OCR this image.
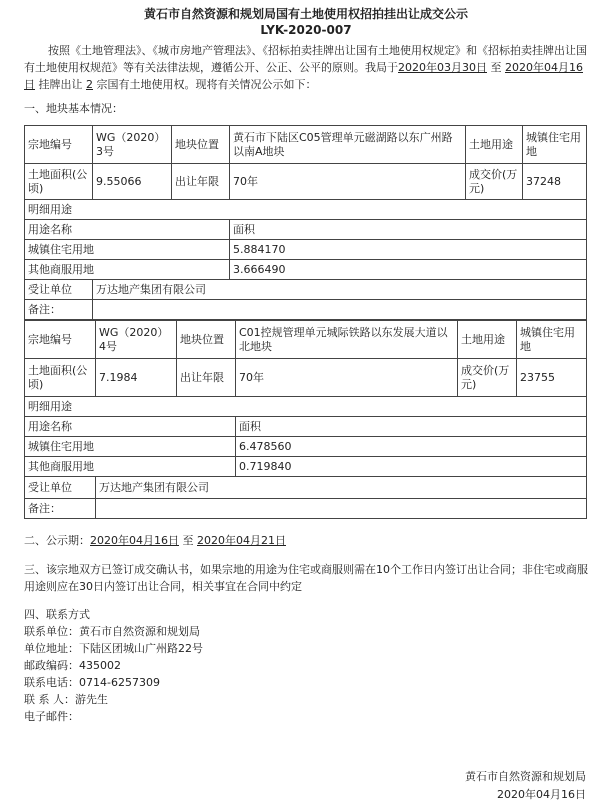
黄石市自然资源和规划局国有土地使用权招拍挂出让成交公示
LYK-2020-007
按照《土地管理法》、《城市房地产管理法》、《招标拍卖挂牌出让国有土地使用权规定》和《招标拍卖挂牌出让国有土地使用权规范》等有关法律法规，遵循公开、公正、公平的原则。我局于2020年03月30日 至 2020年04月16日 挂牌出让 2 宗国有土地使用权。现将有关情况公示如下：
一、地块基本情况：
宗地编号	WG（2020）3号	地块位置	黄石市下陆区C05管理单元磁湖路以东广州路以南A地块	土地用途	城镇住宅用地
土地面积(公顷)	9.55066	出让年限	70年	成交价(万元)	37248
明细用途					
用途名称			面积		
城镇住宅用地			5.884170		
其他商服用地			3.666490		
受让单位	万达地产集团有限公司				
备注：					
宗地编号	WG（2020）4号	地块位置	C01控规管理单元城际铁路以东发展大道以北地块	土地用途	城镇住宅用地
土地面积(公顷)	7.1984	出让年限	70年	成交价(万元)	23755
明细用途					
用途名称			面积		
城镇住宅用地			6.478560		
其他商服用地			0.719840		
受让单位	万达地产集团有限公司				
备注：					
二、公示期：2020年04月16日 至 2020年04月21日
三、该宗地双方已签订成交确认书，如果宗地的用途为住宅或商服则需在10个工作日内签订出让合同；非住宅或商服用途则应在30日内签订出让合同，相关事宜在合同中约定
四、联系方式
联系单位：黄石市自然资源和规划局
单位地址：下陆区团城山广州路22号
邮政编码：435002
联系电话：0714-6257309
联 系 人：游先生
电子邮件：
黄石市自然资源和规划局
2020年04月16日
